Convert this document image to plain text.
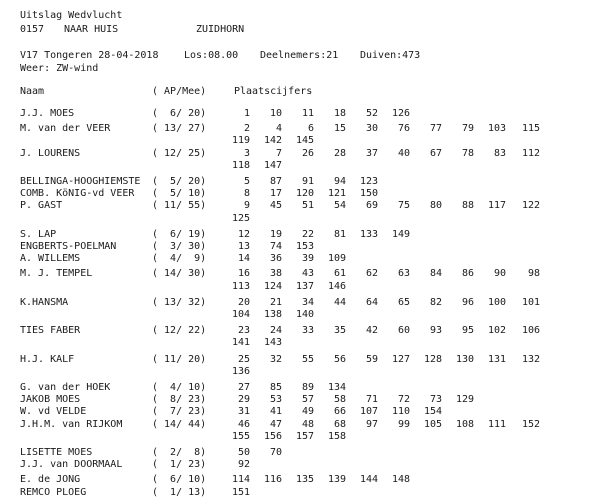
Uitslag Wedvlucht
0157 NAAR HUIS	ZUIDHORN
V17 Tongeren 28-04-2018	Los:08.00 Deelnemers:21 Duiven:473
Weer: ZW-wind
Naam	( AP/Mee)	Plaatscijfers
J.J. MOES	(  6/ 20)	1	10	11	18	52	126
M. van der VEER	( 13/ 27)	2	4	6	15	30	76	77	79	103	115
119	142	145
J. LOURENS	( 12/ 25)	3	7	26	28	37	40	67	78	83	112
118	147
BELLINGA-HOOGHIEMSTE (  5/ 20)	5	87	91	94	123
COMB. KöNIG-vd VEER (  5/ 10)	8	17	120	121	150
P. GAST	( 11/ 55)	9	45	51	54	69	75	80	88	117	122
125
S. LAP	(  6/ 19)	12	19	22	81	133	149
ENGBERTS-POELMAN	(  3/ 30)	13	74	153
A. WILLEMS	(  4/  9)	14	36	39	109
M. J. TEMPEL	( 14/ 30)	16	38	43	61	62	63	84	86	90	98
113	124	137	146
K.HANSMA	( 13/ 32)	20	21	34	44	64	65	82	96	100	101
104	138	140
TIES FABER	( 12/ 22)	23	24	33	35	42	60	93	95	102	106
141	143
H.J. KALF	( 11/ 20)	25	32	55	56	59	127	128	130	131	132
136
G. van der HOEK	(  4/ 10)	27	85	89	134
JAKOB MOES	(  8/ 23)	29	53	57	58	71	72	73	129
W. vd VELDE	(  7/ 23)	31	41	49	66	107	110	154
J.H.M. van RIJKOM	( 14/ 44)	46	47	48	68	97	99	105	108	111	152
155	156	157	158
LISETTE MOES	(  2/  8)	50	70
J.J. van DOORMAAL	(  1/ 23)	92
E. de JONG	(  6/ 10)	114	116	135	139	144	148
REMCO PLOEG	(  1/ 13)	151
